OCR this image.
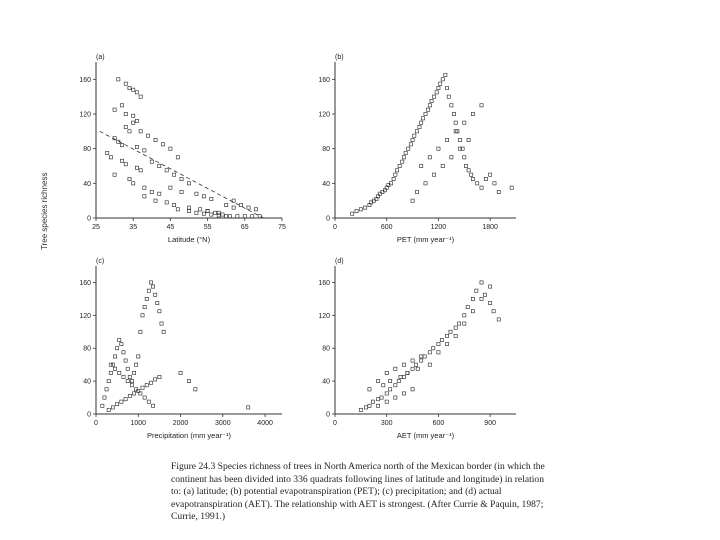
(a)
25	35	45	55	65	75
0
40
80
120
160
Latitude (°N)
(b)
0	600	1200	1800
0
40
80
120
160
PET (mm year⁻¹)
(c)
0	1000	2000	3000	4000
0
40
80
120
160
Precipitation (mm year⁻¹)
(d)
0	300	600	900
0
40
80
120
160
AET (mm year⁻¹)
Tree species richness
Figure 24.3 Species richness of trees in North America north of the Mexican border (in which the continent has been divided into 336 quadrats following lines of latitude and longitude) in relation to: (a) latitude; (b) potential evapotranspiration (PET); (c) precipitation; and (d) actual evapotranspiration (AET). The relationship with AET is strongest. (After Currie & Paquin, 1987; Currie, 1991.)
